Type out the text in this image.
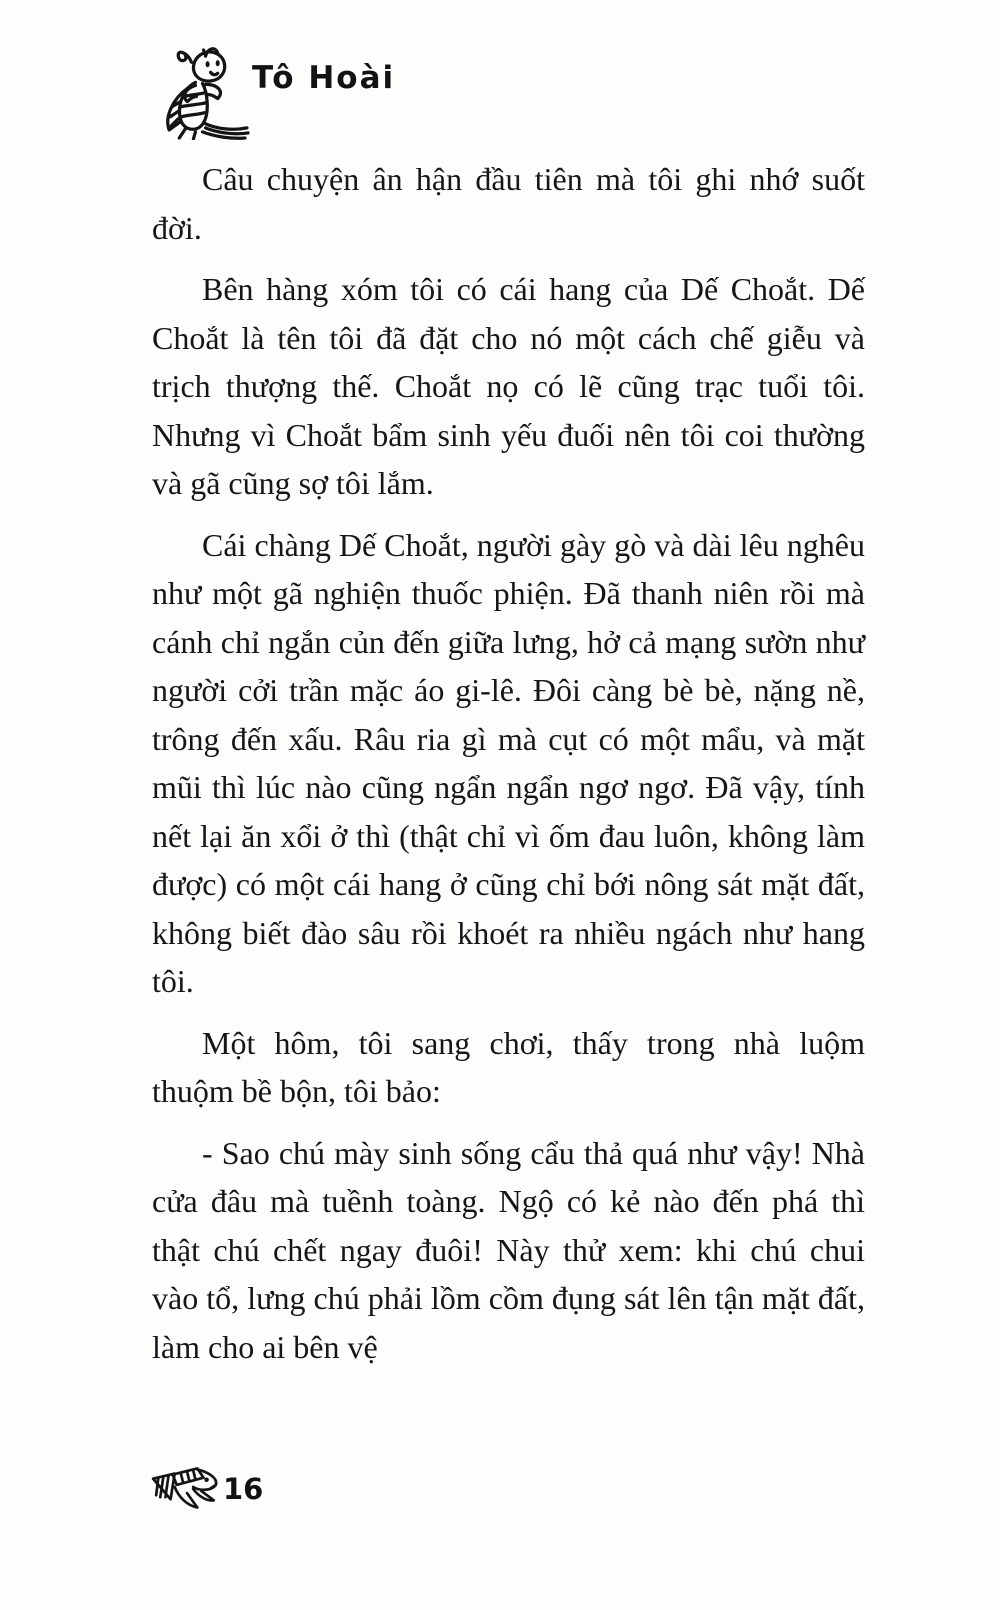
Tô Hoài

Câu chuyện ân hận đầu tiên mà tôi ghi nhớ suốt đời.

Bên hàng xóm tôi có cái hang của Dế Choắt. Dế Choắt là tên tôi đã đặt cho nó một cách chế giễu và trịch thượng thế. Choắt nọ có lẽ cũng trạc tuổi tôi. Nhưng vì Choắt bẩm sinh yếu đuối nên tôi coi thường và gã cũng sợ tôi lắm.

Cái chàng Dế Choắt, người gày gò và dài lêu nghêu như một gã nghiện thuốc phiện. Đã thanh niên rồi mà cánh chỉ ngắn củn đến giữa lưng, hở cả mạng sườn như người cởi trần mặc áo gi-lê. Đôi càng bè bè, nặng nề, trông đến xấu. Râu ria gì mà cụt có một mẩu, và mặt mũi thì lúc nào cũng ngẩn ngẩn ngơ ngơ. Đã vậy, tính nết lại ăn xổi ở thì (thật chỉ vì ốm đau luôn, không làm được) có một cái hang ở cũng chỉ bới nông sát mặt đất, không biết đào sâu rồi khoét ra nhiều ngách như hang tôi.

Một hôm, tôi sang chơi, thấy trong nhà luộm thuộm bề bộn, tôi bảo:

- Sao chú mày sinh sống cẩu thả quá như vậy! Nhà cửa đâu mà tuềnh toàng. Ngộ có kẻ nào đến phá thì thật chú chết ngay đuôi! Này thử xem: khi chú chui vào tổ, lưng chú phải lồm cồm đụng sát lên tận mặt đất, làm cho ai bên vệ

16
